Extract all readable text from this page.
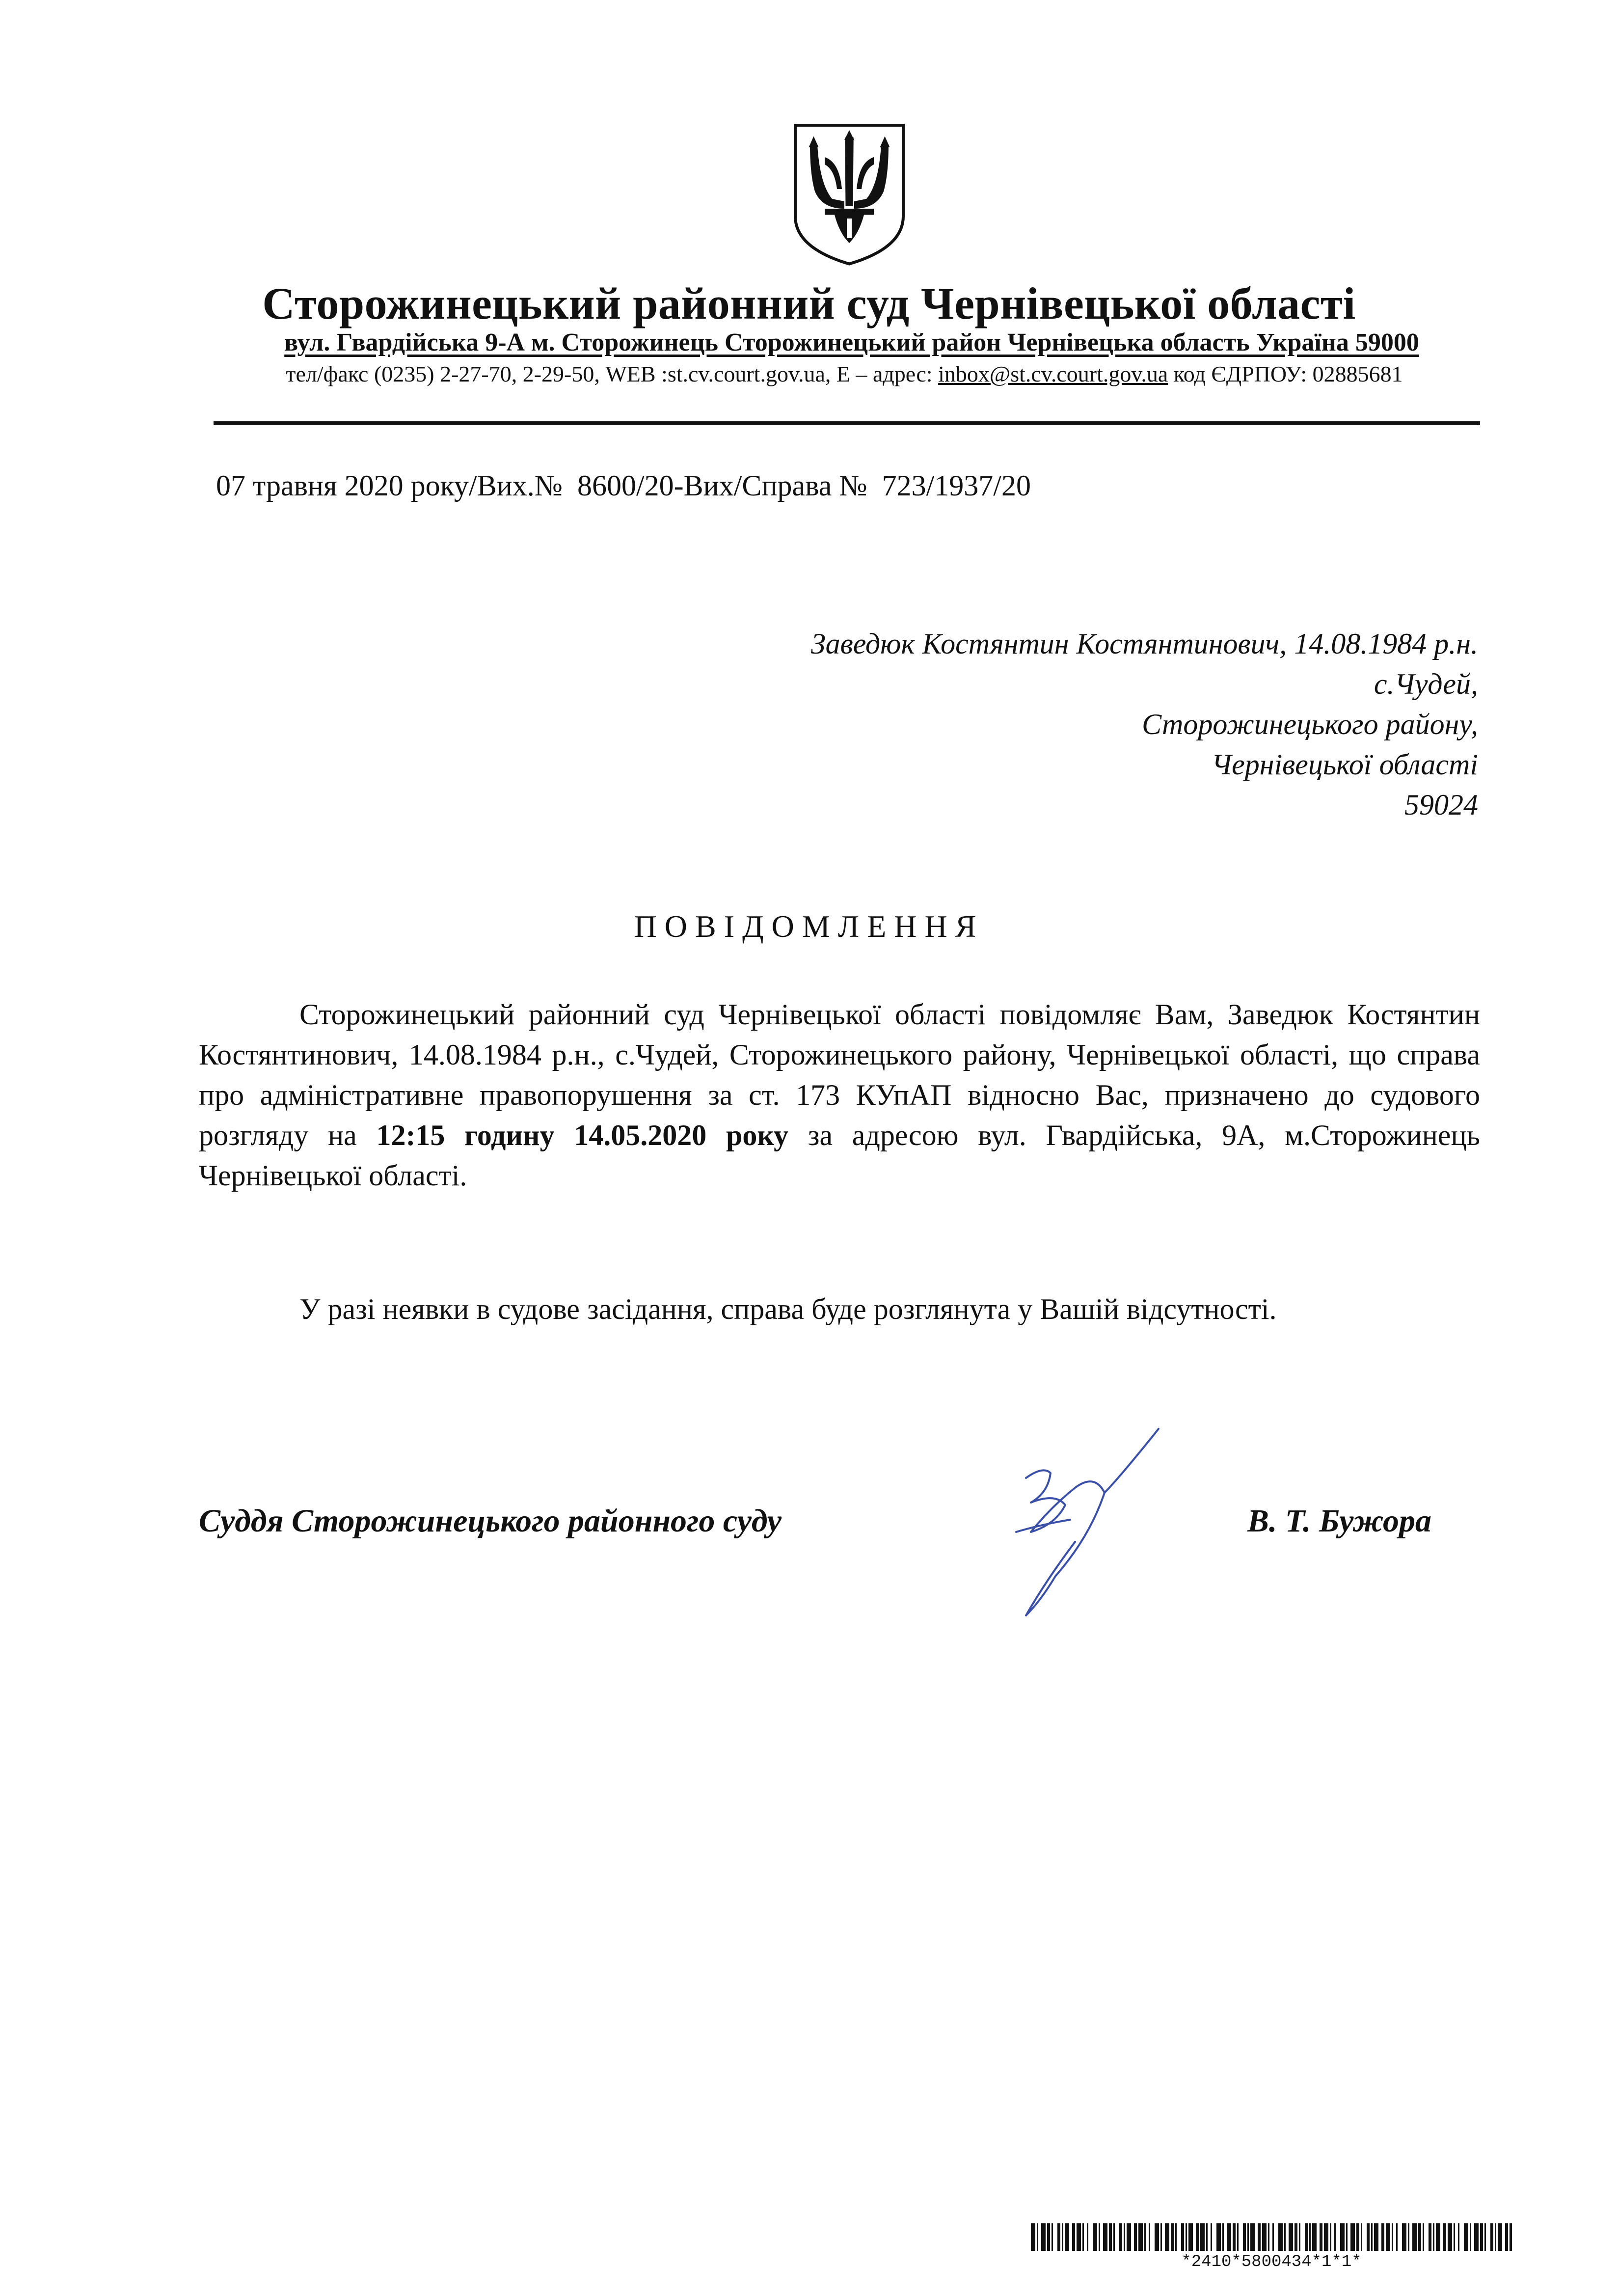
Сторожинецький районний суд Чернівецької області
вул. Гвардійська 9-А м. Сторожинець Сторожинецький район Чернівецька область Україна 59000
тел/факс (0235) 2-27-70, 2-29-50, WEB :st.cv.court.gov.ua, E – адрес: inbox@st.cv.court.gov.ua код ЄДРПОУ: 02885681
07 травня 2020 року/Вих.№  8600/20-Вих/Справа №  723/1937/20
Заведюк Костянтин Костянтинович, 14.08.1984 р.н.
с.Чудей,
Сторожинецького району,
Чернівецької області
59024
ПОВІДОМЛЕННЯ

Сторожинецький районний суд Чернівецької області повідомляє Вам, Заведюк Костянтин Костянтинович, 14.08.1984 р.н., с.Чудей, Сторожинецького району, Чернівецької області, що справа про адміністративне правопорушення за ст. 173 КУпАП відносно Вас, призначено до судового розгляду на 12:15 годину 14.05.2020 року за адресою вул. Гвардійська, 9А, м.Сторожинець Чернівецької області.

У разі неявки в судове засідання, справа буде розглянута у Вашій відсутності.

Суддя Сторожинецького районного суду	В. Т. Бужора
*2410*5800434*1*1*
